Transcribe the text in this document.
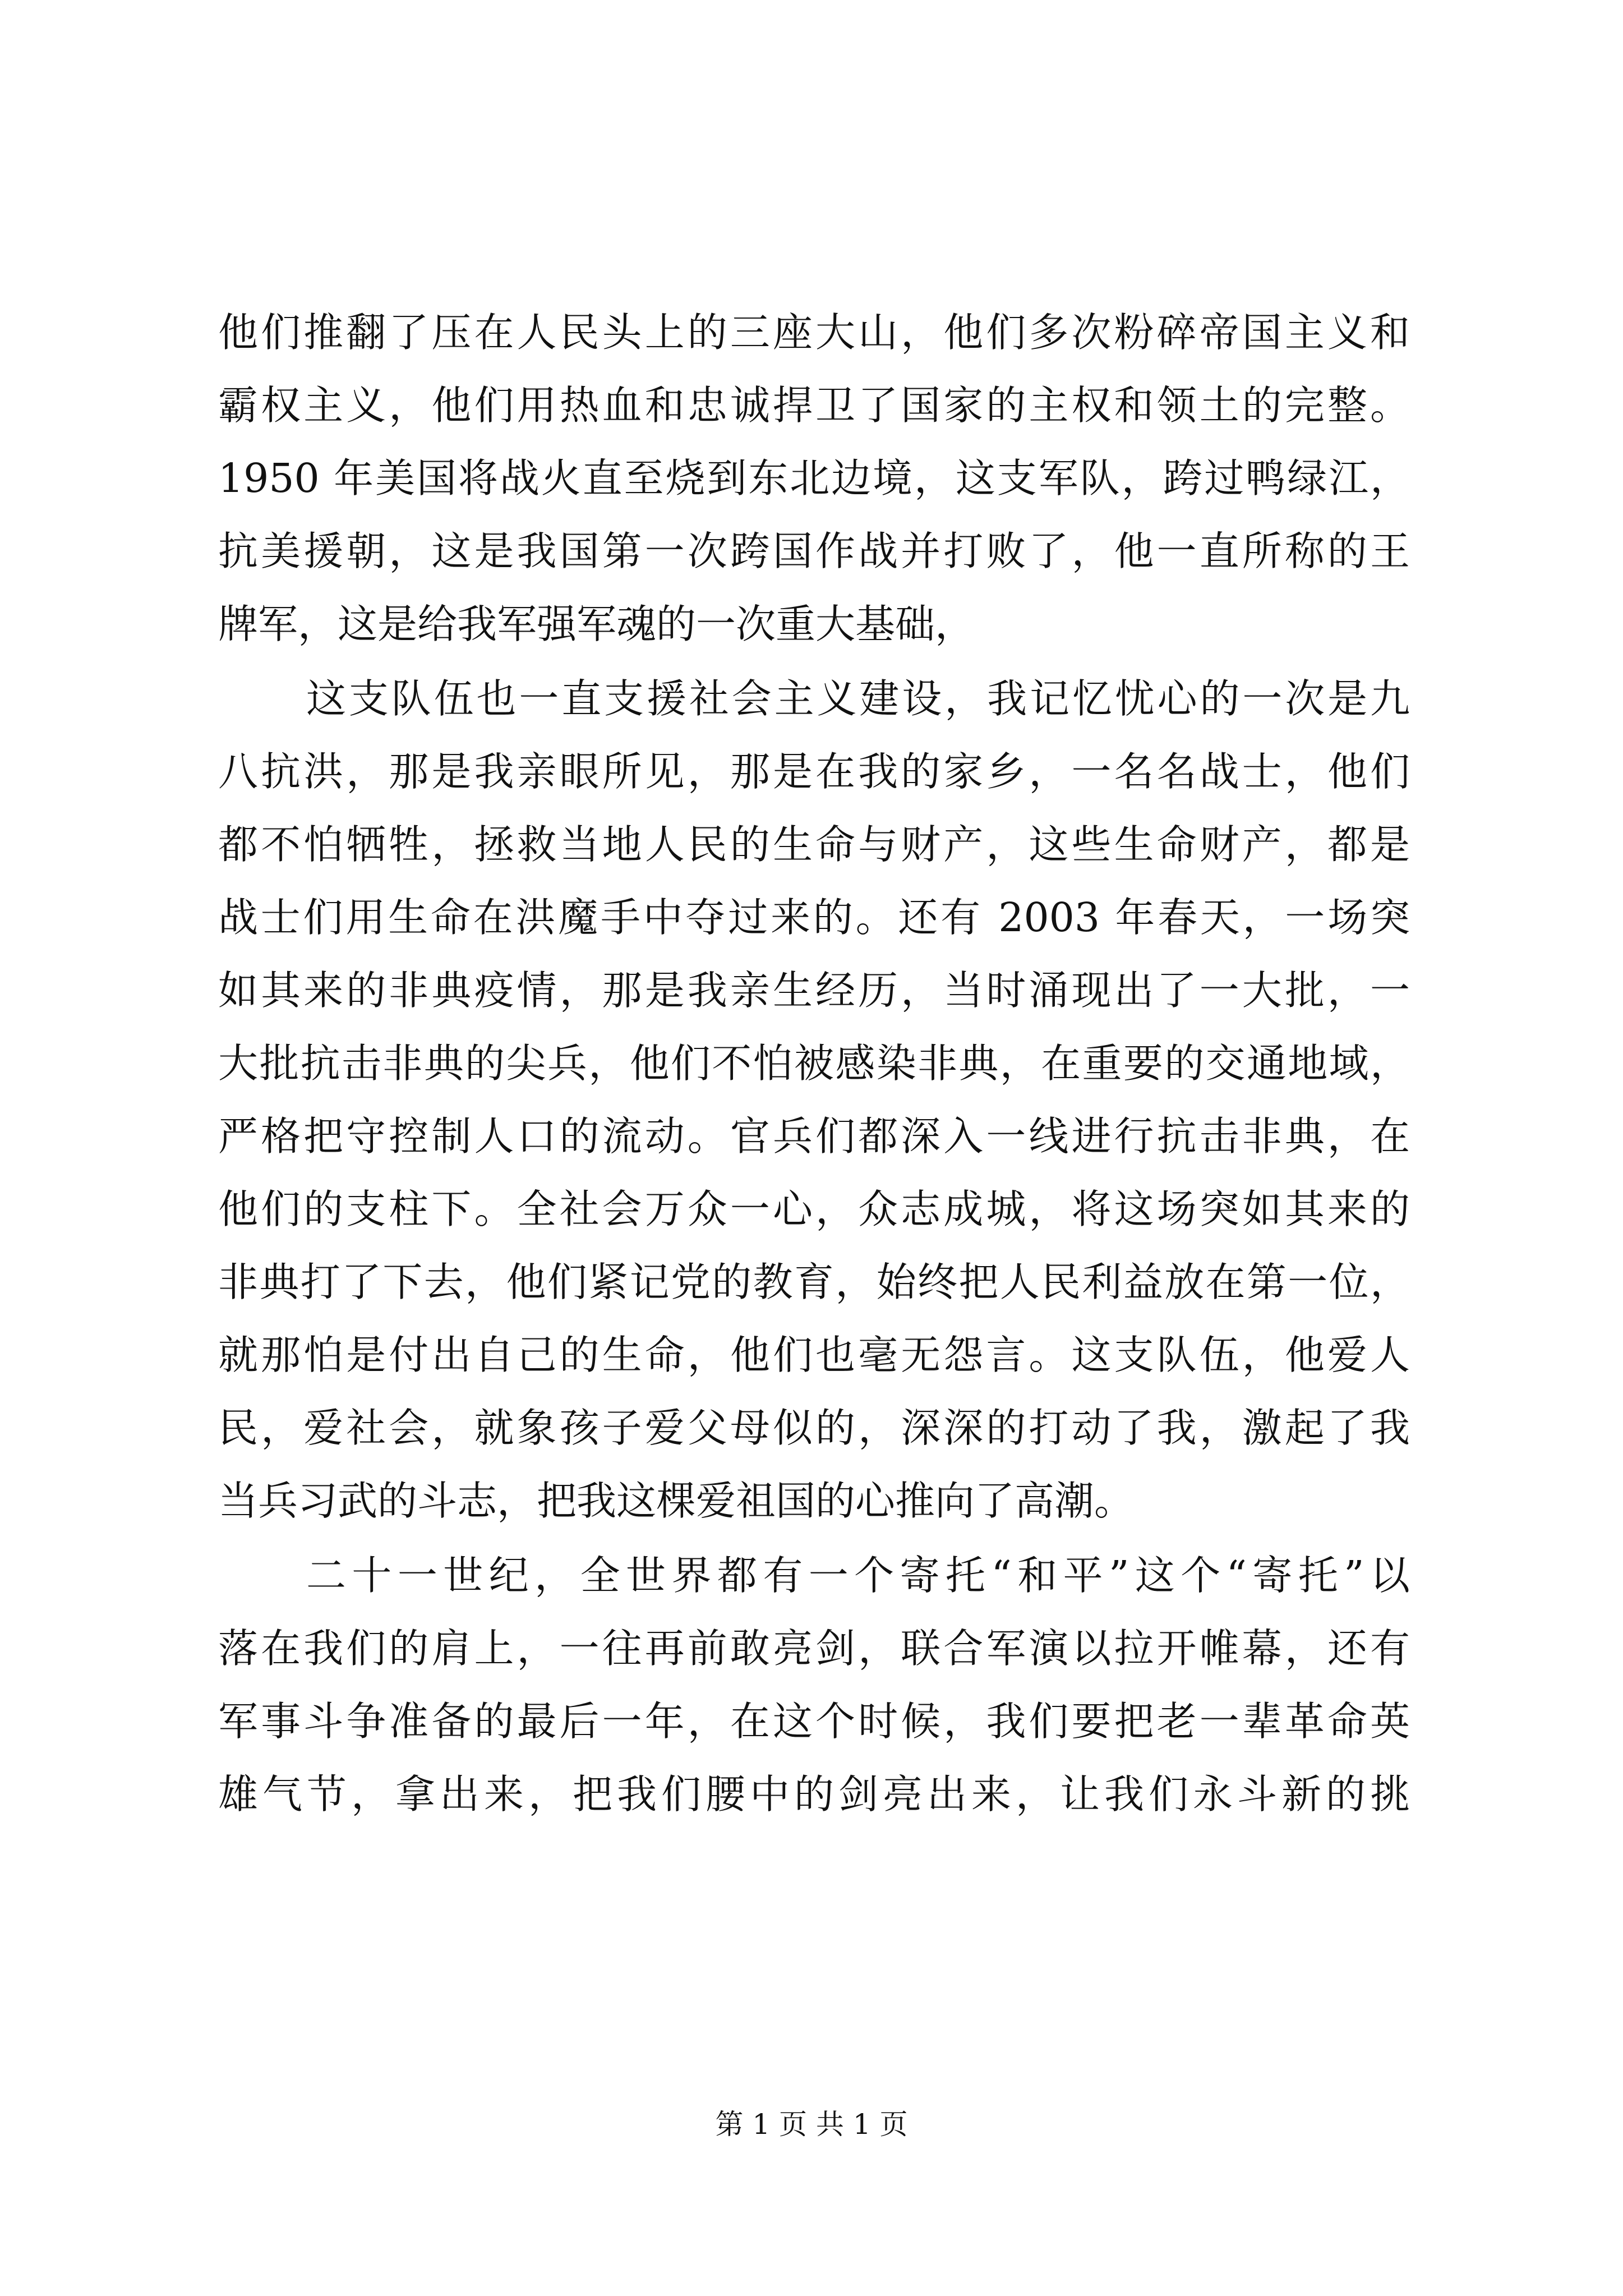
他们推翻了压在人民头上的三座大山，他们多次粉碎帝国主义和
霸权主义，他们用热血和忠诚捍卫了国家的主权和领土的完整。
1950 年美国将战火直至烧到东北边境，这支军队，跨过鸭绿江，
抗美援朝，这是我国第一次跨国作战并打败了，他一直所称的王
牌军，这是给我军强军魂的一次重大基础，
这支队伍也一直支援社会主义建设，我记忆忧心的一次是九
八抗洪，那是我亲眼所见，那是在我的家乡，一名名战士，他们
都不怕牺牲，拯救当地人民的生命与财产，这些生命财产，都是
战士们用生命在洪魔手中夺过来的。还有 2003 年春天，一场突
如其来的非典疫情，那是我亲生经历，当时涌现出了一大批，一
大批抗击非典的尖兵，他们不怕被感染非典，在重要的交通地域，
严格把守控制人口的流动。官兵们都深入一线进行抗击非典，在
他们的支柱下。全社会万众一心，众志成城，将这场突如其来的
非典打了下去，他们紧记党的教育，始终把人民利益放在第一位，
就那怕是付出自己的生命，他们也毫无怨言。这支队伍，他爱人
民，爱社会，就象孩子爱父母似的，深深的打动了我，激起了我
当兵习武的斗志，把我这棵爱祖国的心推向了高潮。
二十一世纪，全世界都有一个寄托“和平”这个“寄托”以
落在我们的肩上，一往再前敢亮剑，联合军演以拉开帷幕，还有
军事斗争准备的最后一年，在这个时候，我们要把老一辈革命英
雄气节，拿出来，把我们腰中的剑亮出来，让我们永斗新的挑
第 1 页 共 1 页
